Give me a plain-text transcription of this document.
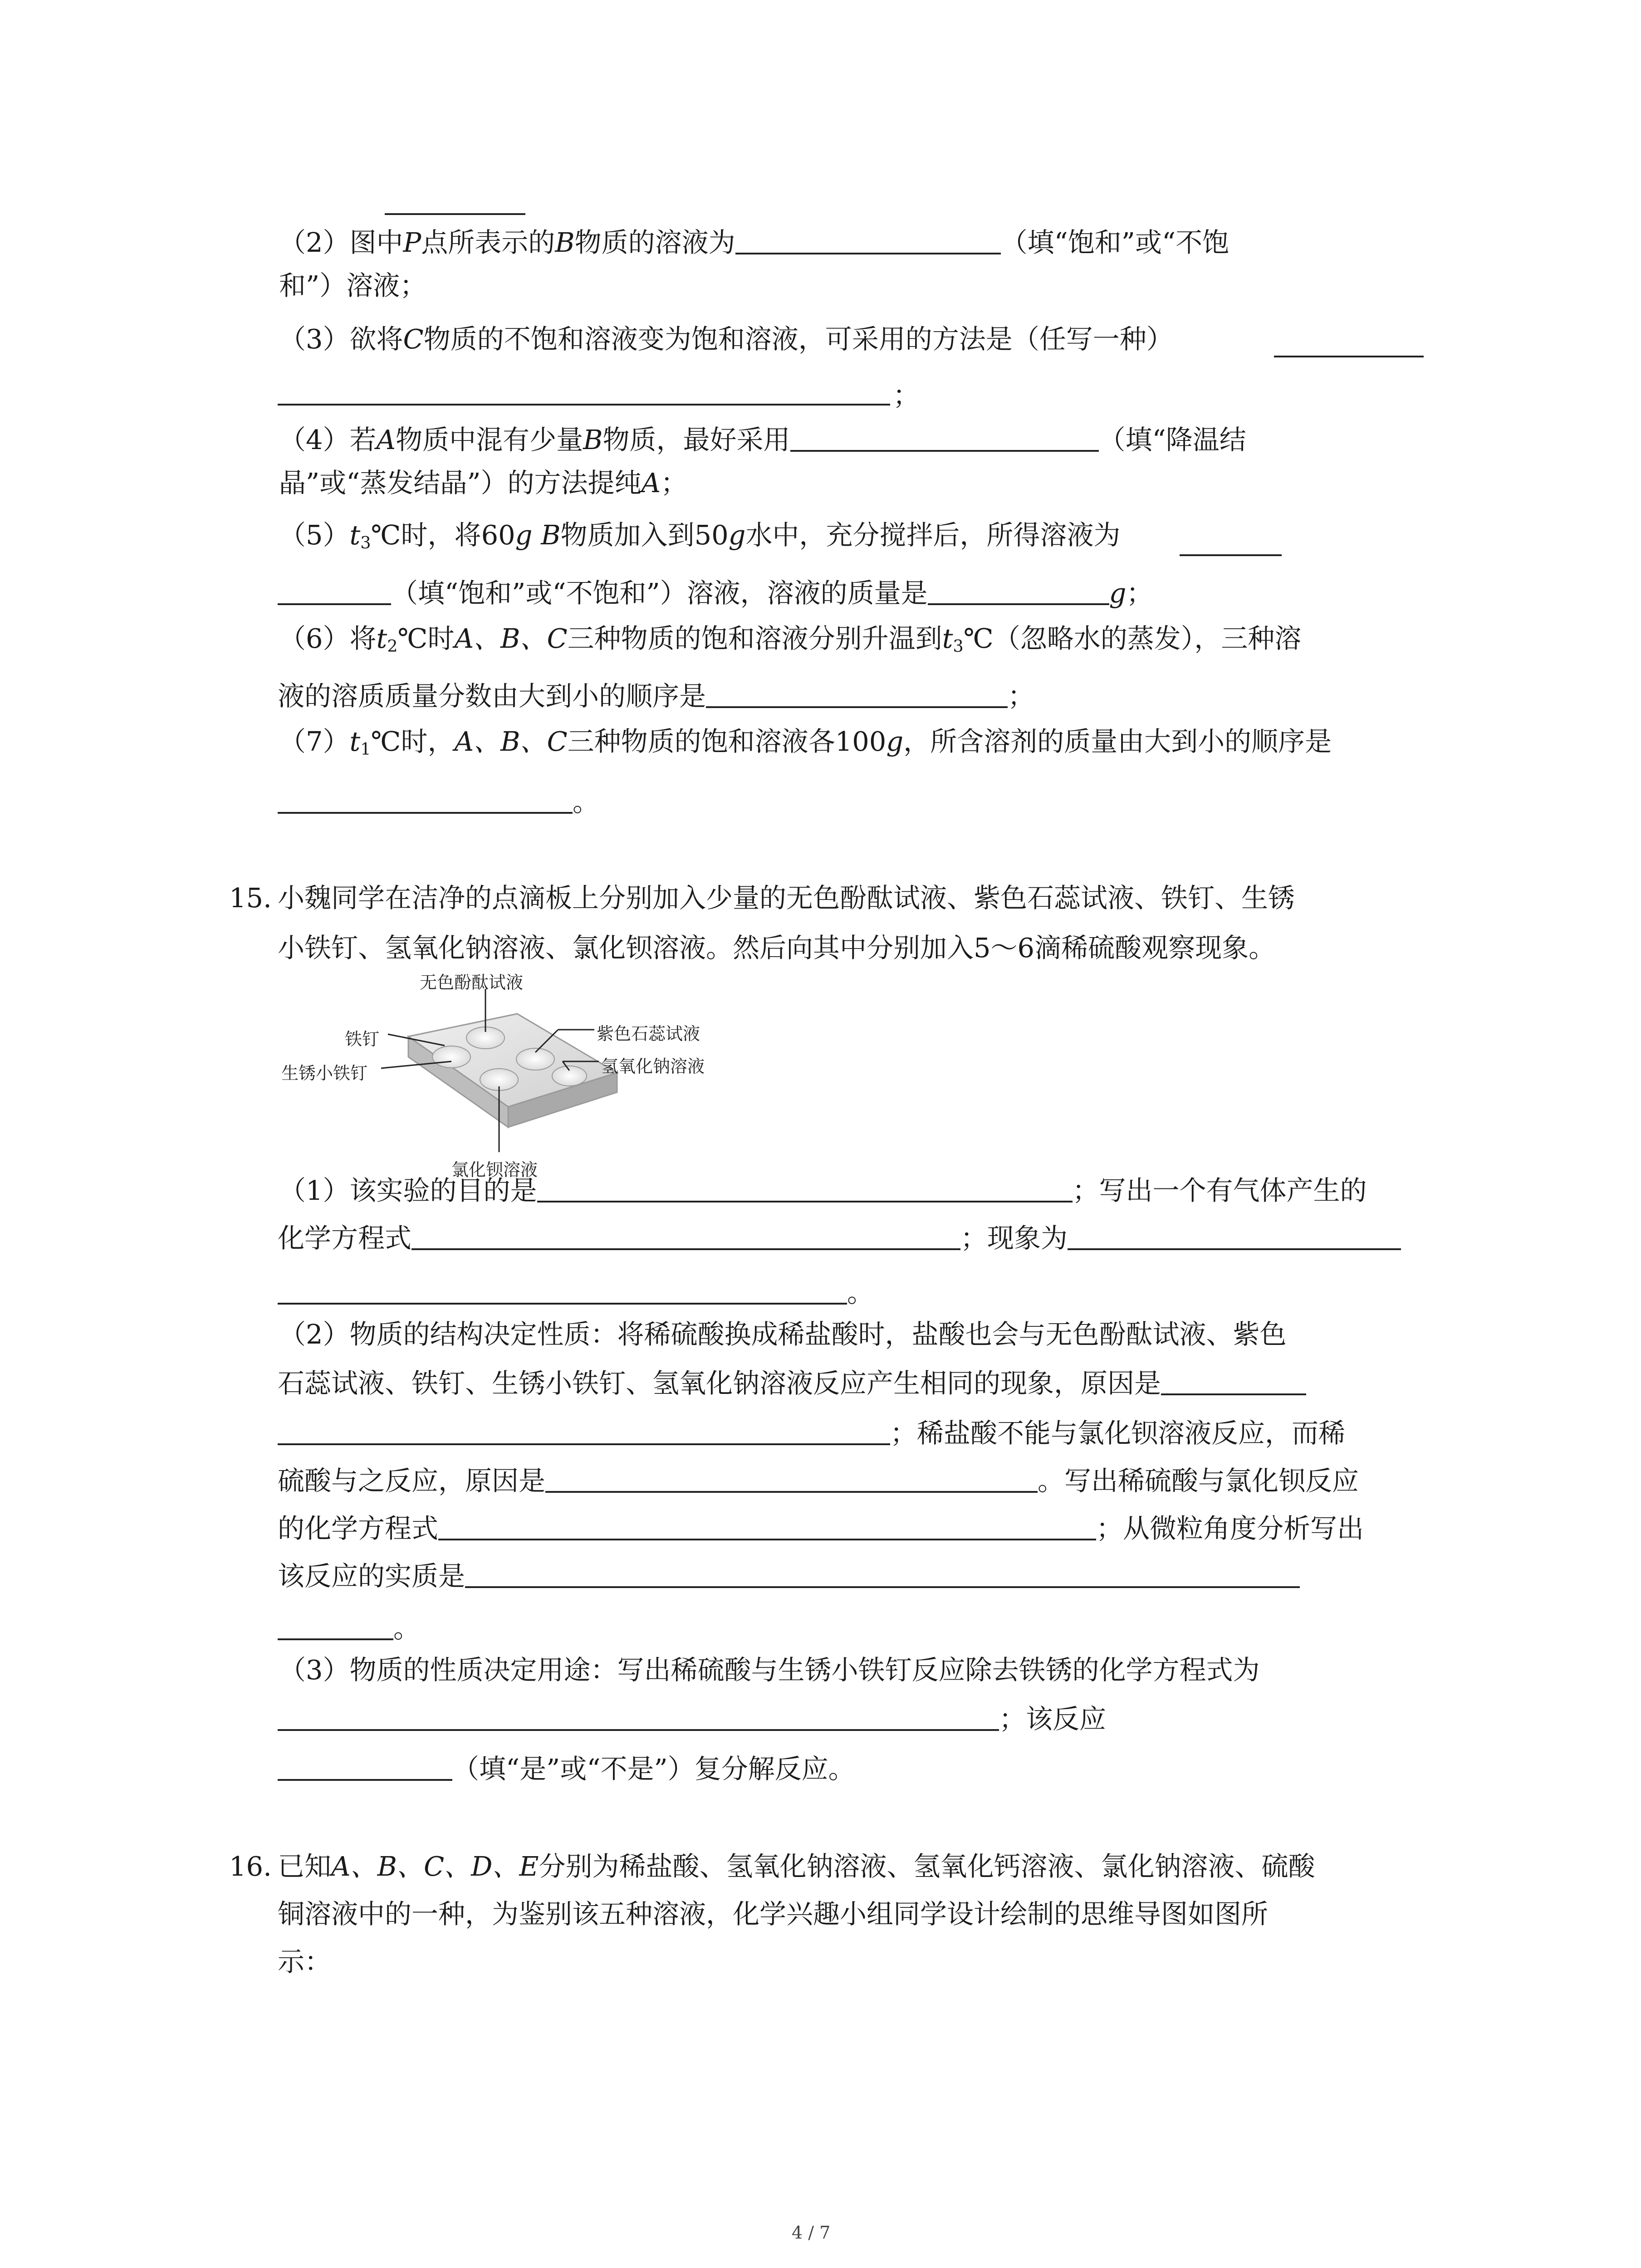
（2）图中P点所表示的B物质的溶液为	（填“饱和”或“不饱
和”）溶液；
（3）欲将C物质的不饱和溶液变为饱和溶液，可采用的方法是（任写一种）
；
（4）若A物质中混有少量B物质，最好采用	（填“降温结
晶”或“蒸发结晶”）的方法提纯A；
$(5)t_3℃$时，将60g B物质加入到50g水中，充分搅拌后，所得溶液为
（填“饱和”或“不饱和”）溶液，溶液的质量是	g；
（6）将$t_2℃$时A、B、C三种物质的饱和溶液分别升温到$t_3℃$（忽略水的蒸发），三种溶
液的溶质质量分数由大到小的顺序是	；
$(7)t_1℃$时，A、B、C三种物质的饱和溶液各100g，所含溶剂的质量由大到小的顺序是
。
15. 小魏同学在洁净的点滴板上分别加入少量的无色酚酞试液、紫色石蕊试液、铁钉、生锈
小铁钉、氢氧化钠溶液、氯化钡溶液。然后向其中分别加入5～6滴稀硫酸观察现象。
无色酚酞试液
铁钉
生锈小铁钉
紫色石蕊试液
氢氧化钠溶液
氯化钡溶液
（1）该实验的目的是	；写出一个有气体产生的
化学方程式	；现象为
。
（2）物质的结构决定性质：将稀硫酸换成稀盐酸时，盐酸也会与无色酚酞试液、紫色
石蕊试液、铁钉、生锈小铁钉、氢氧化钠溶液反应产生相同的现象，原因是
；稀盐酸不能与氯化钡溶液反应，而稀
硫酸与之反应，原因是	。写出稀硫酸与氯化钡反应
的化学方程式	；从微粒角度分析写出
该反应的实质是
。
（3）物质的性质决定用途：写出稀硫酸与生锈小铁钉反应除去铁锈的化学方程式为
；该反应
（填“是”或“不是”）复分解反应。
16. 已知A、B、C、D、E分别为稀盐酸、氢氧化钠溶液、氢氧化钙溶液、氯化钠溶液、硫酸
铜溶液中的一种，为鉴别该五种溶液，化学兴趣小组同学设计绘制的思维导图如图所
示：
4 / 7
